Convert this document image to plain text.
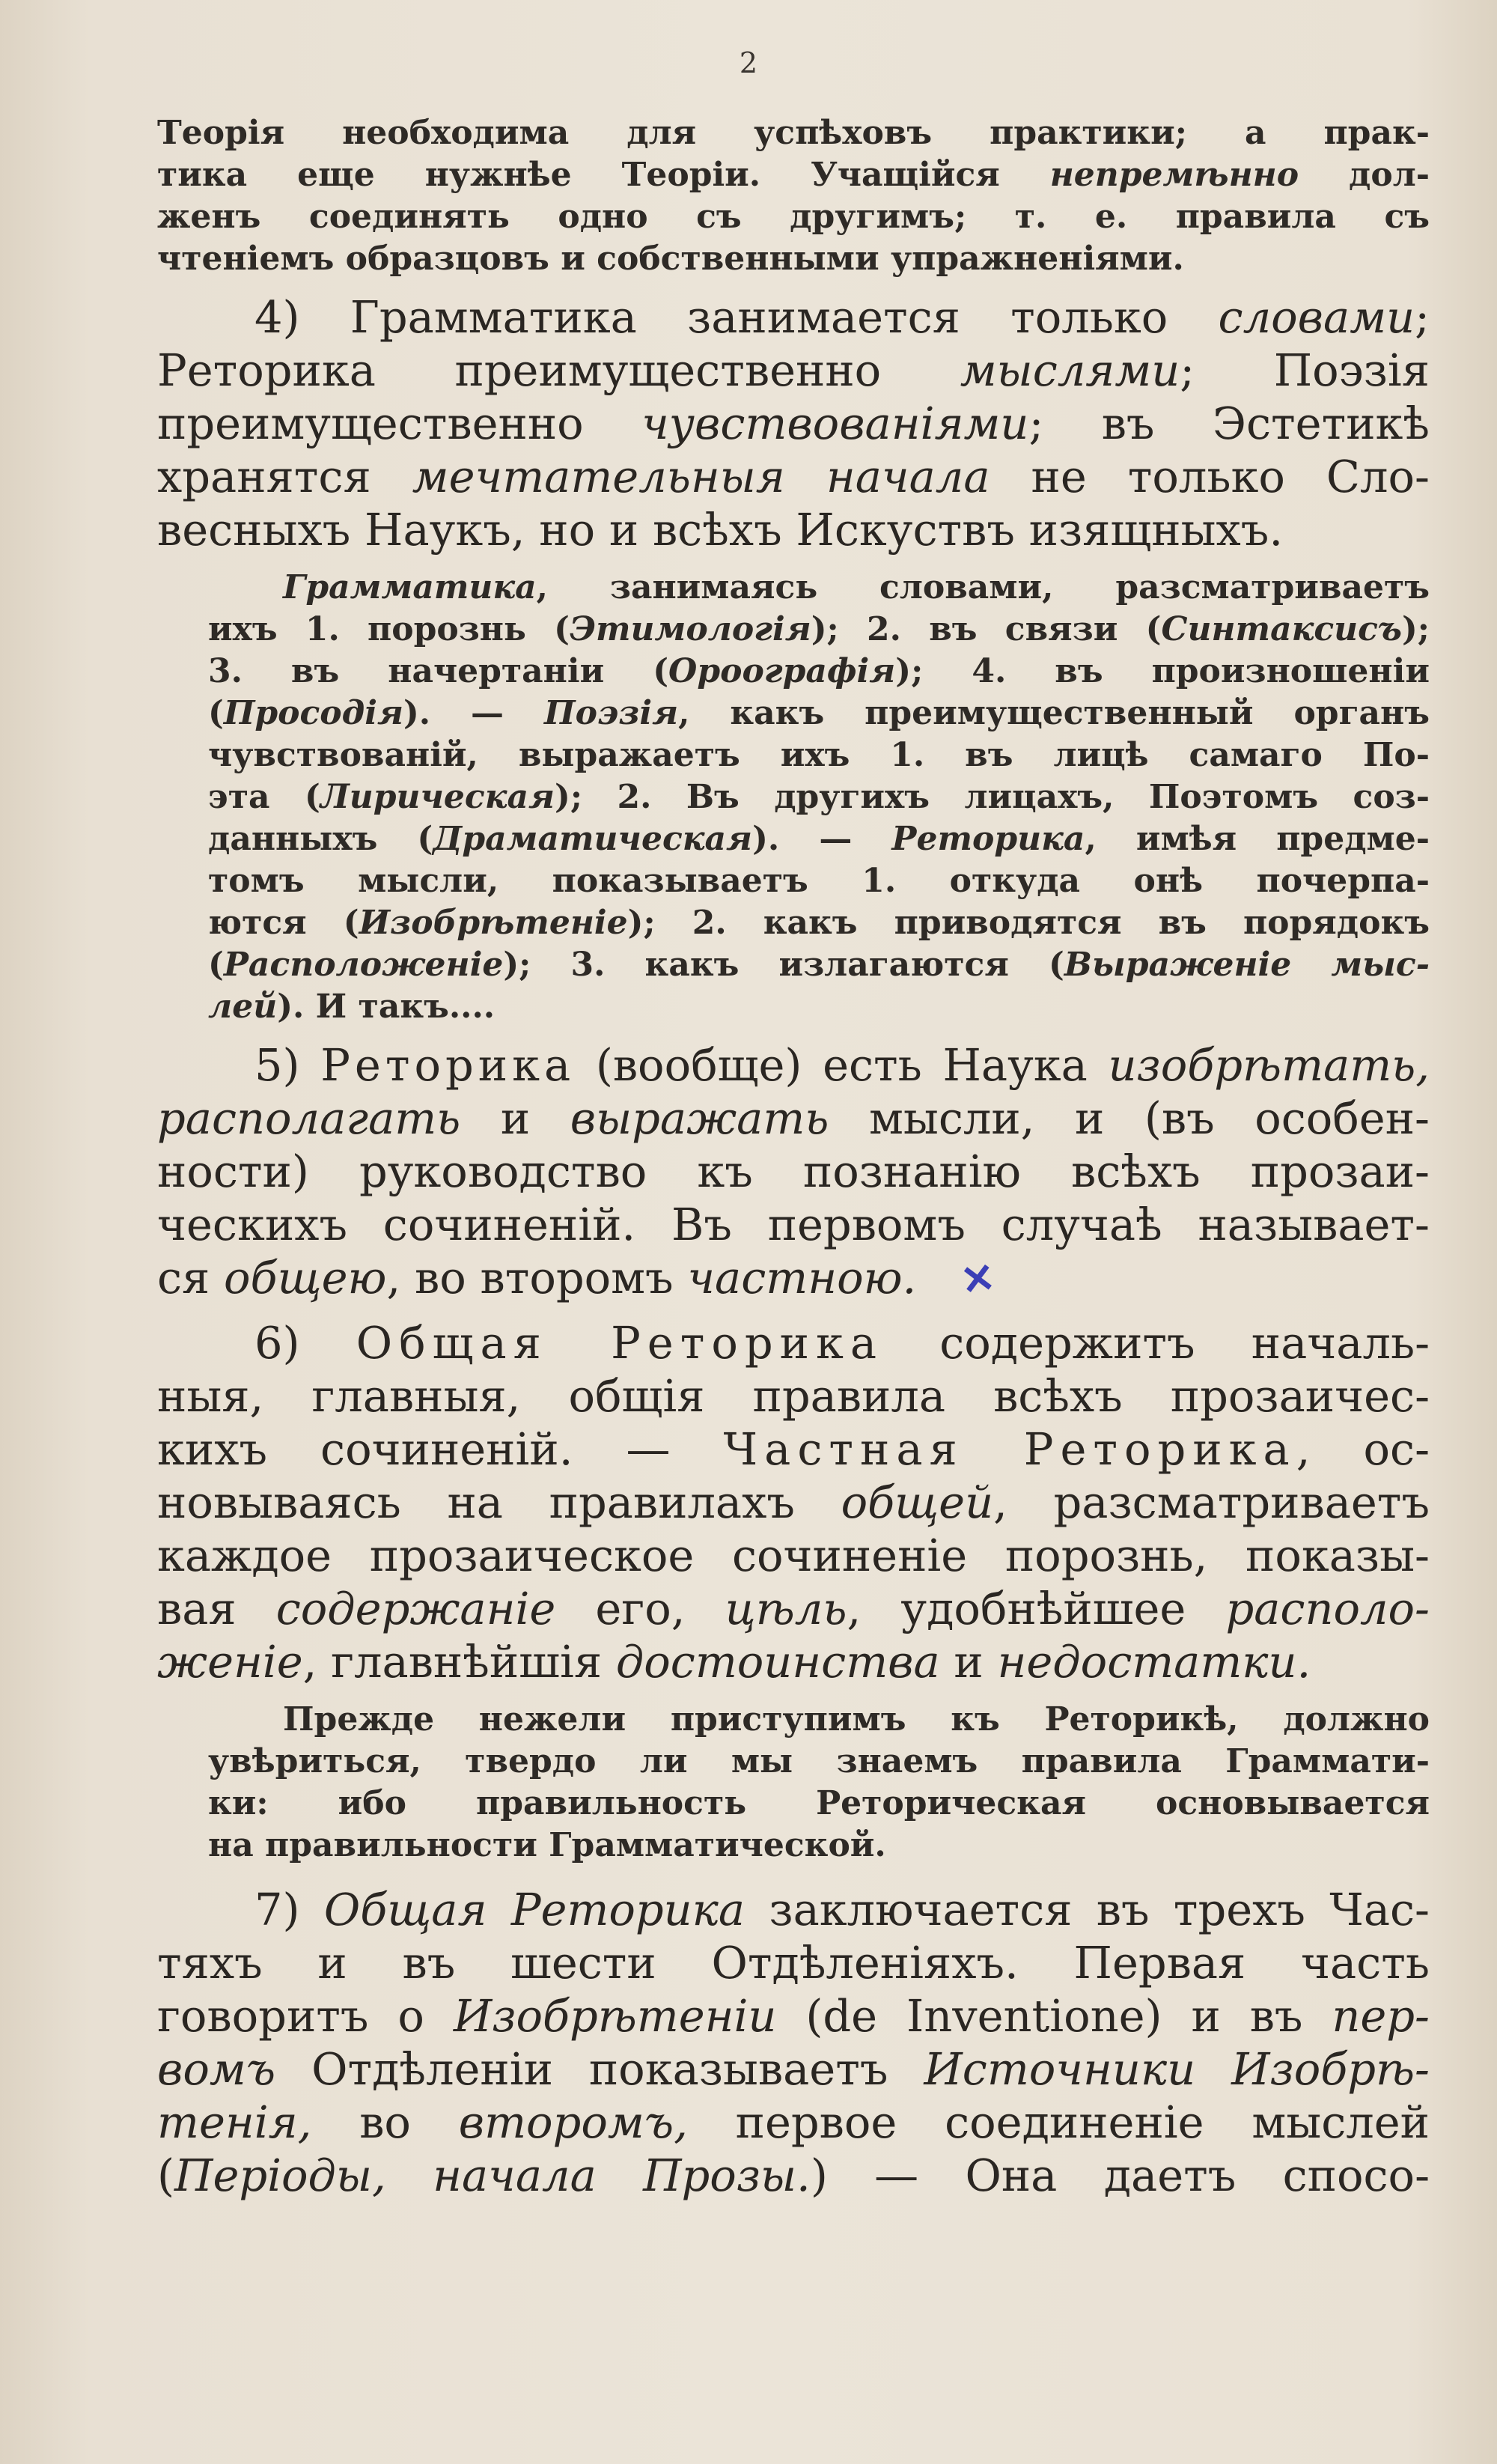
2

Теорія необходима для успѣховъ практики; а прак-

тика еще нужнѣе Теоріи. Учащійся непремѣнно дол-

женъ соединять одно съ другимъ; т. е. правила съ

чтеніемъ образцовъ и собственными упражненіями.

4) Грамматика занимается только словами;

Реторика преимущественно мыслями; Поэзія

преимущественно чувствованіями; въ Эстетикѣ

хранятся мечтательныя начала не только Сло-

весныхъ Наукъ, но и всѣхъ Искуствъ изящныхъ.

Грамматика, занимаясь словами, разсматриваетъ

ихъ 1. порознь (Этимологія); 2. въ связи (Синтаксисъ);

3. въ начертаніи (Ороографія); 4. въ произношеніи

(Просодія). — Поэзія, какъ преимущественный органъ

чувствованій, выражаетъ ихъ 1. въ лицѣ самаго По-

эта (Лирическая); 2. Въ другихъ лицахъ, Поэтомъ соз-

данныхъ (Драматическая). — Реторика, имѣя предме-

томъ мысли, показываетъ 1. откуда онѣ почерпа-

ются (Изобрѣтеніе); 2. какъ приводятся въ порядокъ

(Расположеніе); 3. какъ излагаются (Выраженіе мыс-

лей). И такъ....

5) Реторика (вообще) есть Наука изобрѣтать,

располагать и выражать мысли, и (въ особен-

ности) руководство къ познанію всѣхъ прозаи-

ческихъ сочиненій. Въ первомъ случаѣ называет-

ся общею, во второмъ частною. ✕

6) Общая Реторика содержитъ началь-

ныя, главныя, общія правила всѣхъ прозаичес-

кихъ сочиненій. — Частная Реторика, ос-

новываясь на правилахъ общей, разсматриваетъ

каждое прозаическое сочиненіе порознь, показы-

вая содержаніе его, цѣль, удобнѣйшее располо-

женіе, главнѣйшія достоинства и недостатки.

Прежде нежели приступимъ къ Реторикѣ, должно

увѣриться, твердо ли мы знаемъ правила Граммати-

ки: ибо правильность Реторическая основывается

на правильности Грамматической.

7) Общая Реторика заключается въ трехъ Час-

тяхъ и въ шести Отдѣленіяхъ. Первая часть

говоритъ о Изобрѣтеніи (de Inventione) и въ пер-

вомъ Отдѣленіи показываетъ Источники Изобрѣ-

тенія, во второмъ, первое соединеніе мыслей

(Періоды, начала Прозы.) — Она даетъ спосо-
